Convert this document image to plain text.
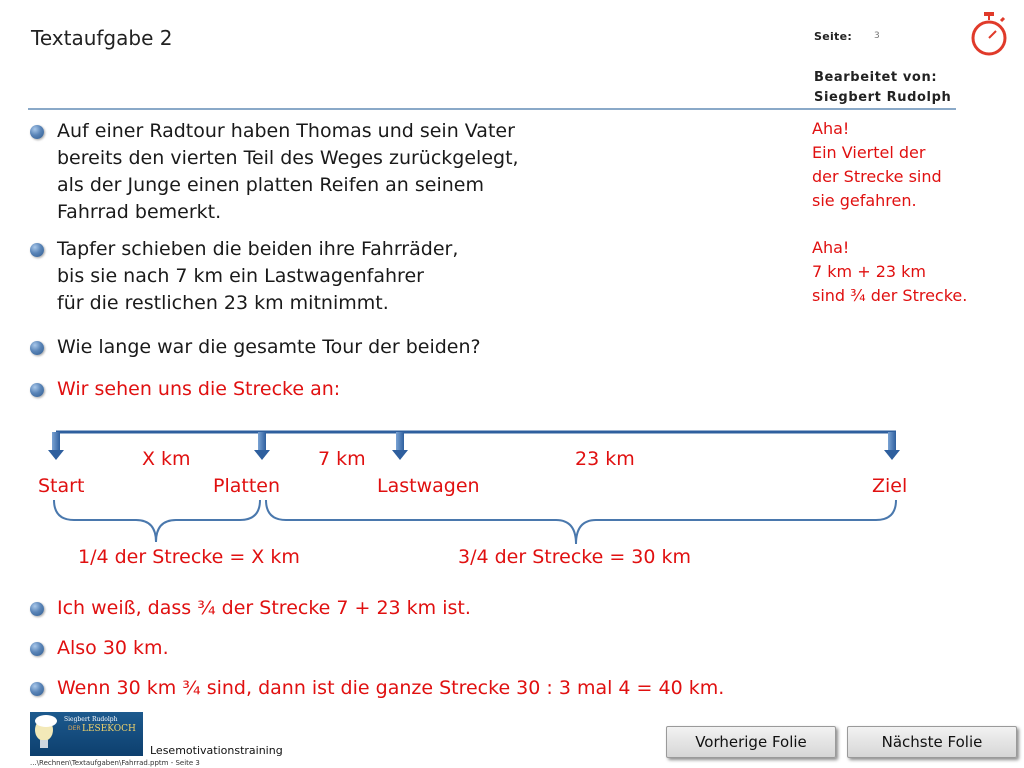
Textaufgabe 2	Seite: 3
Bearbeitet von:
Siegbert Rudolph
Auf einer Radtour haben Thomas und sein Vater
bereits den vierten Teil des Weges zurückgelegt,
als der Junge einen platten Reifen an seinem
Fahrrad bemerkt.
Tapfer schieben die beiden ihre Fahrräder,
bis sie nach 7 km ein Lastwagenfahrer
für die restlichen 23 km mitnimmt.
Wie lange war die gesamte Tour der beiden?
Wir sehen uns die Strecke an:
Aha!
Ein Viertel der
der Strecke sind
sie gefahren.
Aha!
7 km + 23 km
sind ¾ der Strecke.
X km	7 km	23 km
Start	Platten	Lastwagen	Ziel
1/4 der Strecke = X km	3/4 der Strecke = 30 km
Ich weiß, dass ¾ der Strecke 7 + 23 km ist.
Also 30 km.
Wenn 30 km ¾ sind, dann ist die ganze Strecke 30 : 3 mal 4 = 40 km.
Siegbert Rudolph
DER LESEKOCH
Lesemotivationstraining
...\Rechnen\Textaufgaben\Fahrrad.pptm - Seite 3
Vorherige Folie	Nächste Folie
